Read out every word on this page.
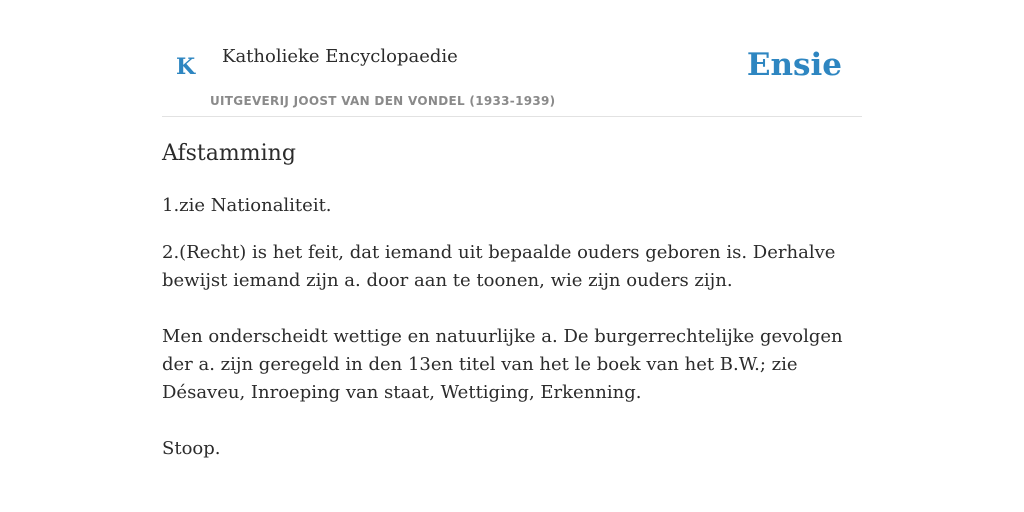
K Katholieke Encyclopaedie
UITGEVERIJ JOOST VAN DEN VONDEL (1933-1939)
Ensie
Afstamming

1.zie Nationaliteit.

2.(Recht) is het feit, dat iemand uit bepaalde ouders geboren is. Derhalve bewijst iemand zijn a. door aan te toonen, wie zijn ouders zijn.

Men onderscheidt wettige en natuurlijke a. De burgerrechtelijke gevolgen der a. zijn geregeld in den 13en titel van het le boek van het B.W.; zie Désaveu, Inroeping van staat, Wettiging, Erkenning.

Stoop.
